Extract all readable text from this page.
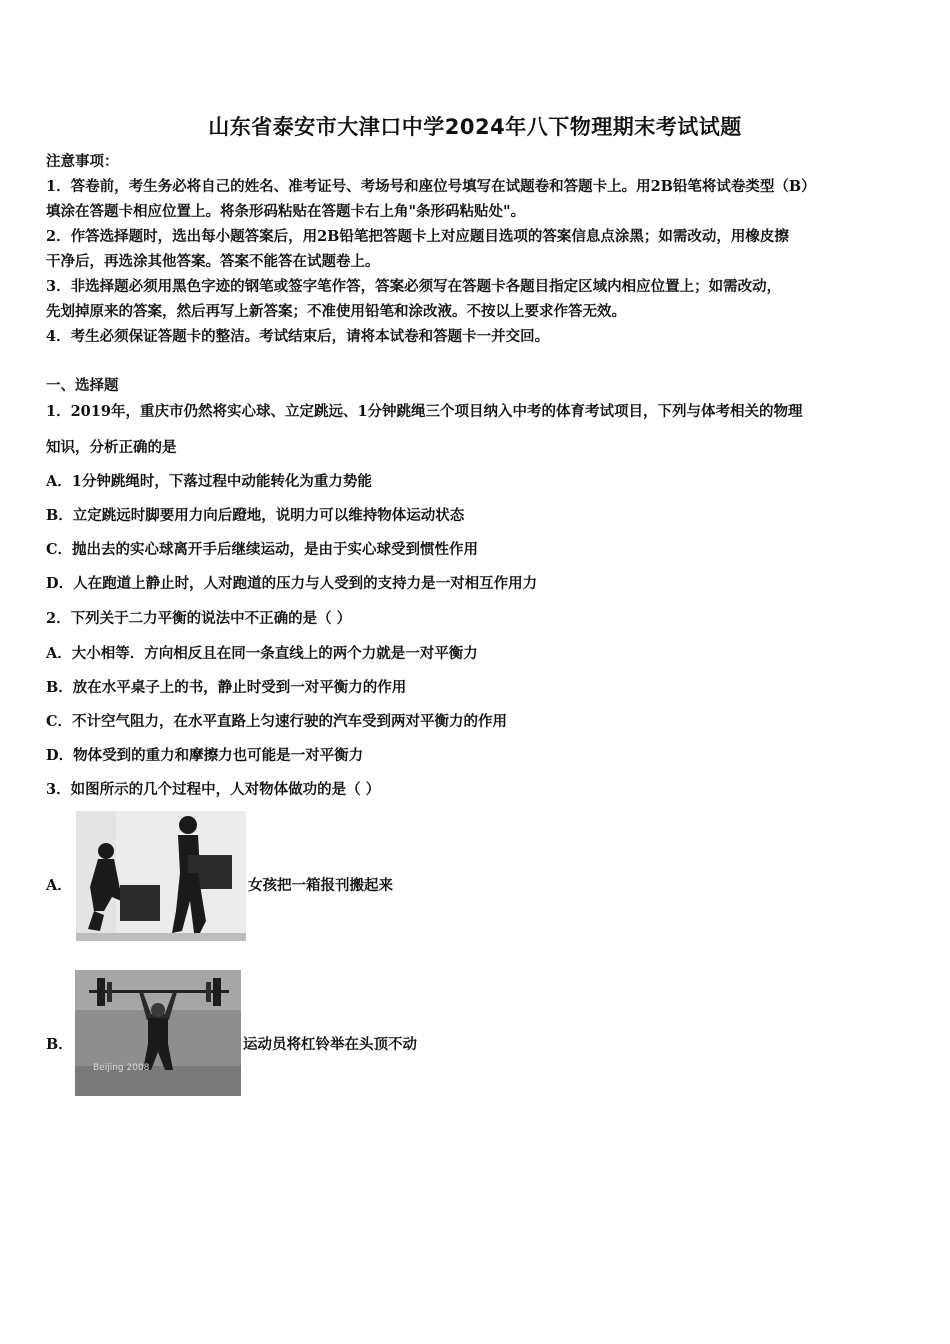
山东省泰安市大津口中学2024年八下物理期末考试试题
注意事项：
1．答卷前，考生务必将自己的姓名、准考证号、考场号和座位号填写在试题卷和答题卡上。用2B铅笔将试卷类型（B）
填涂在答题卡相应位置上。将条形码粘贴在答题卡右上角"条形码粘贴处"。
2．作答选择题时，选出每小题答案后，用2B铅笔把答题卡上对应题目选项的答案信息点涂黑；如需改动，用橡皮擦
干净后，再选涂其他答案。答案不能答在试题卷上。
3．非选择题必须用黑色字迹的钢笔或签字笔作答，答案必须写在答题卡各题目指定区域内相应位置上；如需改动，
先划掉原来的答案，然后再写上新答案；不准使用铅笔和涂改液。不按以上要求作答无效。
4．考生必须保证答题卡的整洁。考试结束后，请将本试卷和答题卡一并交回。
一、选择题
1．2019年，重庆市仍然将实心球、立定跳远、1分钟跳绳三个项目纳入中考的体育考试项目，下列与体考相关的物理
知识，分析正确的是
A．1分钟跳绳时，下落过程中动能转化为重力势能
B．立定跳远时脚要用力向后蹬地，说明力可以维持物体运动状态
C．抛出去的实心球离开手后继续运动，是由于实心球受到惯性作用
D．人在跑道上静止时，人对跑道的压力与人受到的支持力是一对相互作用力
2．下列关于二力平衡的说法中不正确的是（ ）
A．大小相等．方向相反且在同一条直线上的两个力就是一对平衡力
B．放在水平桌子上的书，静止时受到一对平衡力的作用
C．不计空气阻力，在水平直路上匀速行驶的汽车受到两对平衡力的作用
D．物体受到的重力和摩擦力也可能是一对平衡力
3．如图所示的几个过程中，人对物体做功的是（ ）
A．	女孩把一箱报刊搬起来
B．
Beijing 2008
运动员将杠铃举在头顶不动
